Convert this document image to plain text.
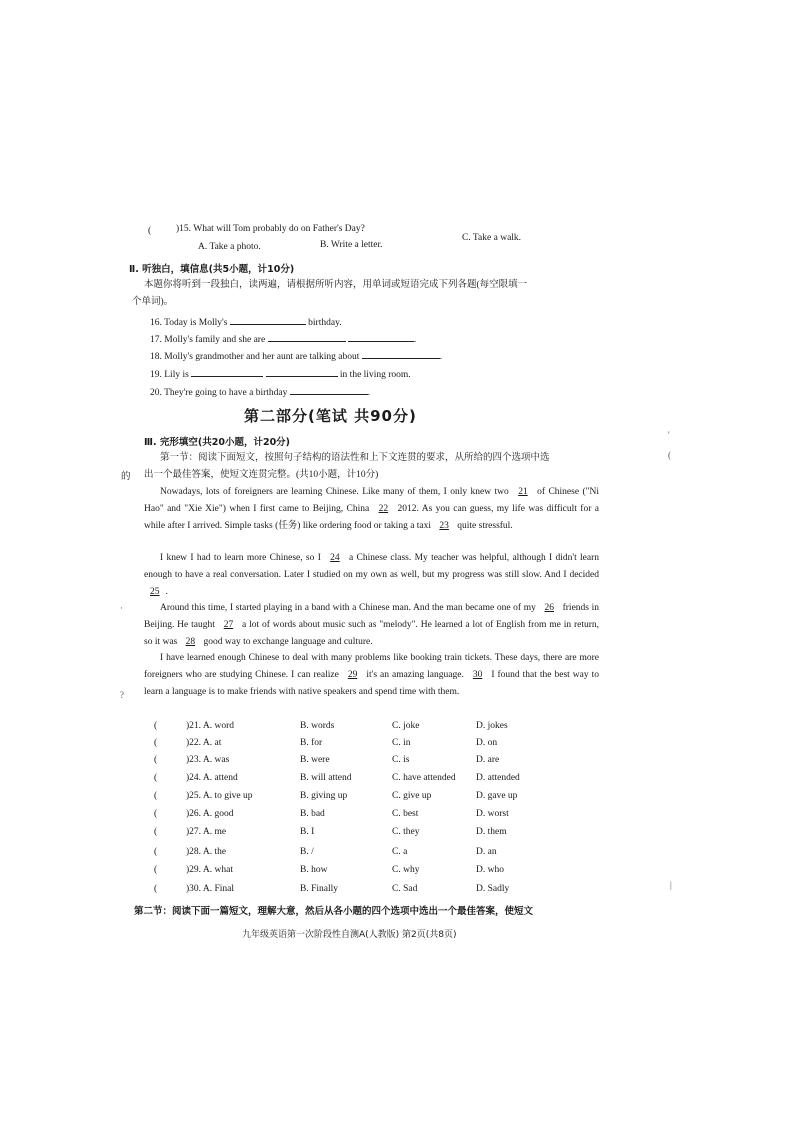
(	)15. What will Tom probably do on Father's Day?
A. Take a photo.	B. Write a letter.
C. Take a walk.
Ⅱ. 听独白，填信息(共5小题，计10分)
本题你将听到一段独白，读两遍，请根据所听内容，用单词或短语完成下列各题(每空限填一
个单词)。
16. Today is Molly's	birthday.
17. Molly's family and she are	.
18. Molly's grandmother and her aunt are talking about	.
19. Lily is	in the living room.
20. They're going to have a birthday	.
第二部分(笔试 共90分)
Ⅲ. 完形填空(共20小题，计20分)
第一节：阅读下面短文，按照句子结构的语法性和上下文连贯的要求，从所给的四个选项中选
的 出一个最佳答案，使短文连贯完整。(共10小题，计10分)
Nowadays, lots of foreigners are learning Chinese. Like many of them, I only knew two 21 of Chinese ("Ni Hao" and "Xie Xie") when I first came to Beijing, China 22 2012. As you can guess, my life was difficult for a while after I arrived. Simple tasks (任务) like ordering food or taking a taxi 23 quite stressful.
I knew I had to learn more Chinese, so I 24 a Chinese class. My teacher was helpful, although I didn't learn enough to have a real conversation. Later I studied on my own as well, but my progress was still slow. And I decided 25 .
Around this time, I started playing in a band with a Chinese man. And the man became one of my 26 friends in Beijing. He taught 27 a lot of words about music such as "melody". He learned a lot of English from me in return, so it was 28 good way to exchange language and culture.
I have learned enough Chinese to deal with many problems like booking train tickets. These days, there are more foreigners who are studying Chinese. I can realize 29 it's an amazing language. 30 I found that the best way to learn a language is to make friends with native speakers and spend time with them.
(	)21. A. word	B. words	C. joke	D. jokes
(	)22. A. at	B. for	C. in	D. on
(	)23. A. was	B. were	C. is	D. are
(	)24. A. attend	B. will attend	C. have attended D. attended
(	)25. A. to give up	B. giving up	C. give up	D. gave up
(	)26. A. good	B. bad	C. best	D. worst
(	)27. A. me	B. I	C. they	D. them
(	)28. A. the	B. /	C. a	D. an
(	)29. A. what	B. how	C. why	D. who
(	)30. A. Final	B. Finally	C. Sad	D. Sadly
第二节：阅读下面一篇短文，理解大意，然后从各小题的四个选项中选出一个最佳答案，使短文
九年级英语第一次阶段性自测A(人教版) 第2页(共8页)
'
(
·
?
|
